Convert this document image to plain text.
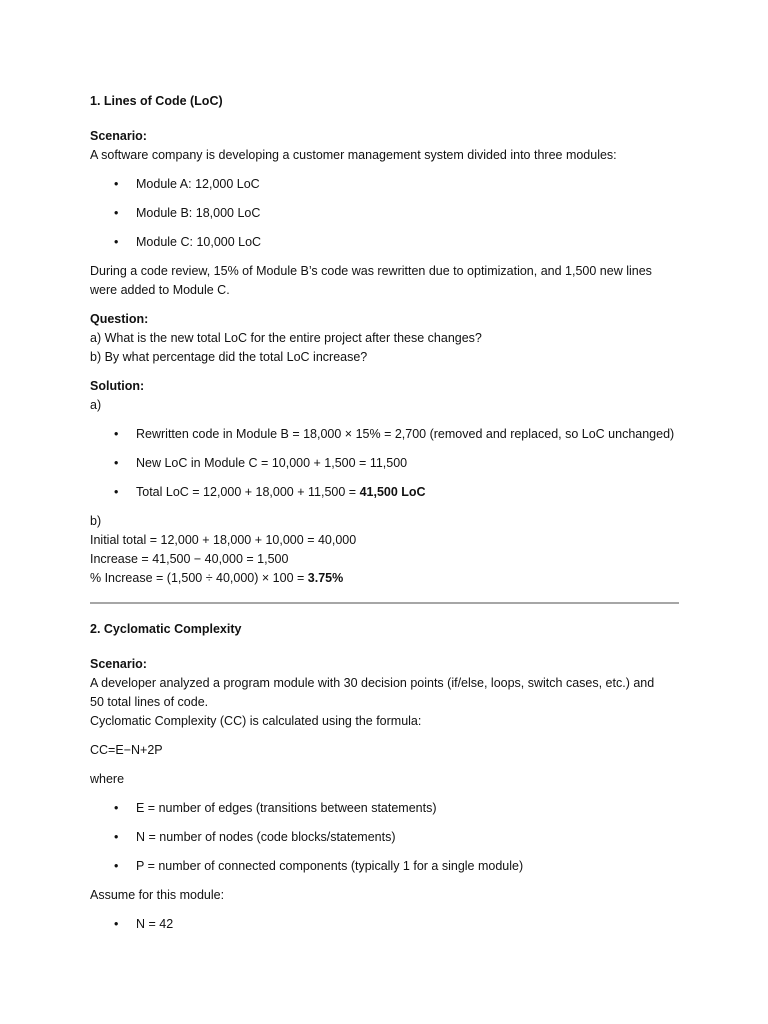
1. Lines of Code (LoC)
Scenario:
A software company is developing a customer management system divided into three modules:
• Module A: 12,000 LoC
• Module B: 18,000 LoC
• Module C: 10,000 LoC
During a code review, 15% of Module B’s code was rewritten due to optimization, and 1,500 new lines
were added to Module C.
Question:
a) What is the new total LoC for the entire project after these changes?
b) By what percentage did the total LoC increase?
Solution:
a)
• Rewritten code in Module B = 18,000 × 15% = 2,700 (removed and replaced, so LoC unchanged)
• New LoC in Module C = 10,000 + 1,500 = 11,500
• Total LoC = 12,000 + 18,000 + 11,500 = 41,500 LoC
b)
Initial total = 12,000 + 18,000 + 10,000 = 40,000
Increase = 41,500 − 40,000 = 1,500
% Increase = (1,500 ÷ 40,000) × 100 = 3.75%
2. Cyclomatic Complexity
Scenario:
A developer analyzed a program module with 30 decision points (if/else, loops, switch cases, etc.) and
50 total lines of code.
Cyclomatic Complexity (CC) is calculated using the formula:
CC=E−N+2P
where
• E = number of edges (transitions between statements)
• N = number of nodes (code blocks/statements)
• P = number of connected components (typically 1 for a single module)
Assume for this module:
• N = 42
